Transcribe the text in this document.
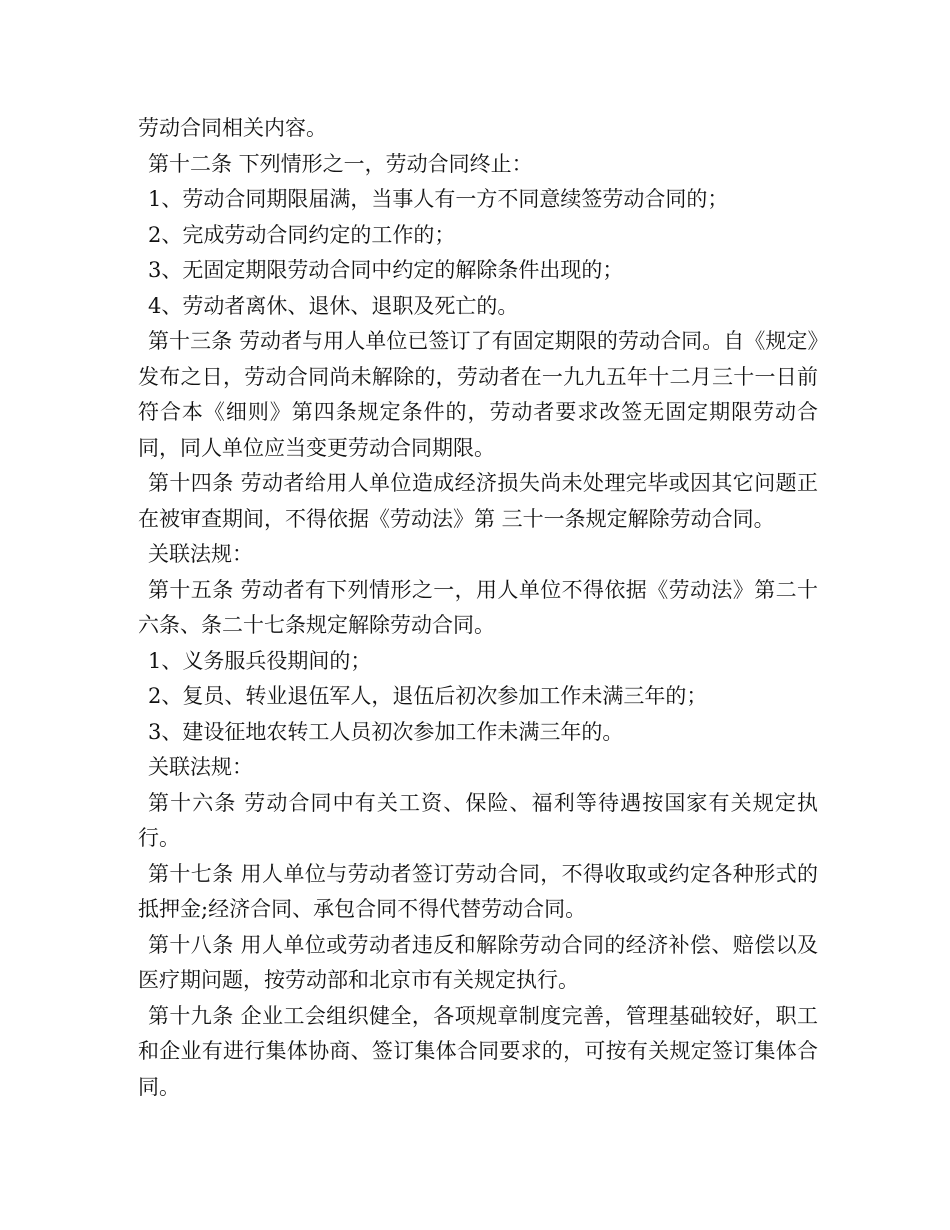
劳动合同相关内容。

第十二条 下列情形之一，劳动合同终止：

1、劳动合同期限届满，当事人有一方不同意续签劳动合同的；

2、完成劳动合同约定的工作的；

3、无固定期限劳动合同中约定的解除条件出现的；

4、劳动者离休、退休、退职及死亡的。

第十三条 劳动者与用人单位已签订了有固定期限的劳动合同。自《规定》发布之日，劳动合同尚未解除的，劳动者在一九九五年十二月三十一日前符合本《细则》第四条规定条件的，劳动者要求改签无固定期限劳动合同，同人单位应当变更劳动合同期限。

第十四条 劳动者给用人单位造成经济损失尚未处理完毕或因其它问题正在被审查期间，不得依据《劳动法》第 三十一条规定解除劳动合同。

关联法规：

第十五条 劳动者有下列情形之一，用人单位不得依据《劳动法》第二十六条、条二十七条规定解除劳动合同。

1、义务服兵役期间的；

2、复员、转业退伍军人，退伍后初次参加工作未满三年的；

3、建设征地农转工人员初次参加工作未满三年的。

关联法规：

第十六条 劳动合同中有关工资、保险、福利等待遇按国家有关规定执行。

第十七条 用人单位与劳动者签订劳动合同，不得收取或约定各种形式的抵押金;经济合同、承包合同不得代替劳动合同。

第十八条 用人单位或劳动者违反和解除劳动合同的经济补偿、赔偿以及医疗期问题，按劳动部和北京市有关规定执行。

第十九条 企业工会组织健全，各项规章制度完善，管理基础较好，职工和企业有进行集体协商、签订集体合同要求的，可按有关规定签订集体合同。
